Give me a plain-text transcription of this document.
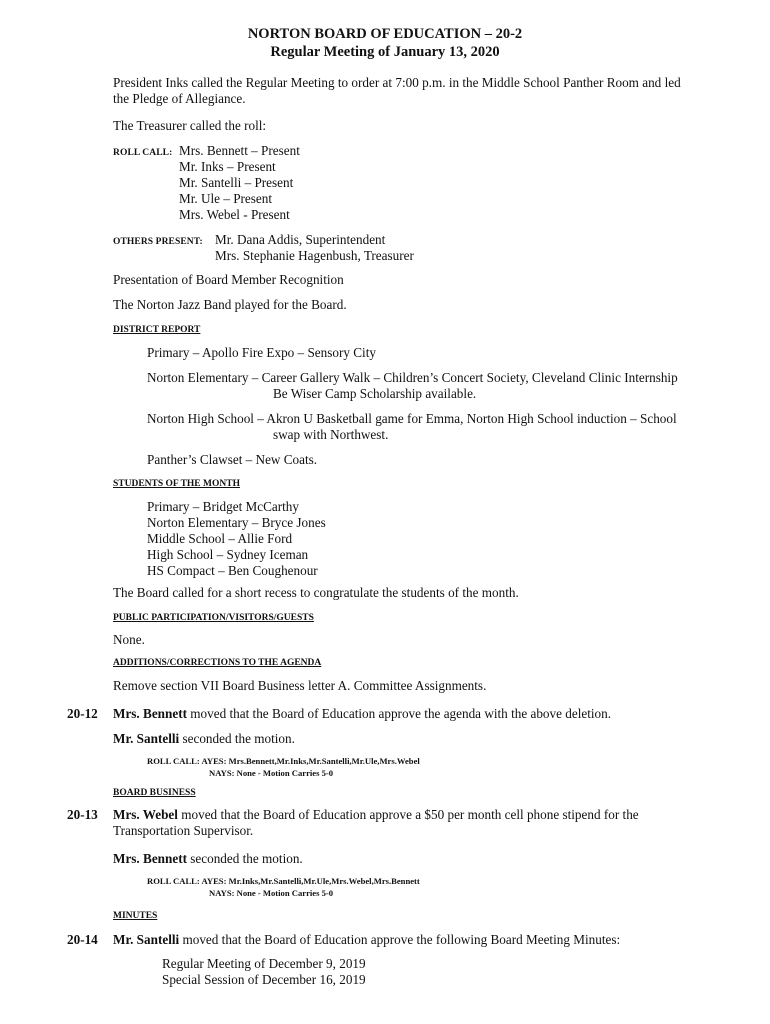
NORTON BOARD OF EDUCATION – 20-2
Regular Meeting of January 13, 2020
President Inks called the Regular Meeting to order at 7:00 p.m. in the Middle School Panther Room and led
the Pledge of Allegiance.
The Treasurer called the roll:
ROLL CALL: Mrs. Bennett – Present
Mr. Inks – Present
Mr. Santelli – Present
Mr. Ule – Present
Mrs. Webel - Present
OTHERS PRESENT: Mr. Dana Addis, Superintendent
Mrs. Stephanie Hagenbush, Treasurer
Presentation of Board Member Recognition
The Norton Jazz Band played for the Board.
DISTRICT REPORT
Primary – Apollo Fire Expo – Sensory City
Norton Elementary – Career Gallery Walk – Children’s Concert Society, Cleveland Clinic Internship
Be Wiser Camp Scholarship available.
Norton High School – Akron U Basketball game for Emma, Norton High School induction – School
swap with Northwest.
Panther’s Clawset – New Coats.
STUDENTS OF THE MONTH
Primary – Bridget McCarthy
Norton Elementary – Bryce Jones
Middle School – Allie Ford
High School – Sydney Iceman
HS Compact – Ben Coughenour
The Board called for a short recess to congratulate the students of the month.
PUBLIC PARTICIPATION/VISITORS/GUESTS
None.
ADDITIONS/CORRECTIONS TO THE AGENDA
Remove section VII Board Business letter A. Committee Assignments.
20-12 Mrs. Bennett moved that the Board of Education approve the agenda with the above deletion.
Mr. Santelli seconded the motion.
ROLL CALL: AYES: Mrs.Bennett,Mr.Inks,Mr.Santelli,Mr.Ule,Mrs.Webel
NAYS: None - Motion Carries 5-0
BOARD BUSINESS
20-13 Mrs. Webel moved that the Board of Education approve a $50 per month cell phone stipend for the
Transportation Supervisor.
Mrs. Bennett seconded the motion.
ROLL CALL: AYES: Mr.Inks,Mr.Santelli,Mr.Ule,Mrs.Webel,Mrs.Bennett
NAYS: None - Motion Carries 5-0
MINUTES
20-14 Mr. Santelli moved that the Board of Education approve the following Board Meeting Minutes:
Regular Meeting of December 9, 2019
Special Session of December 16, 2019
